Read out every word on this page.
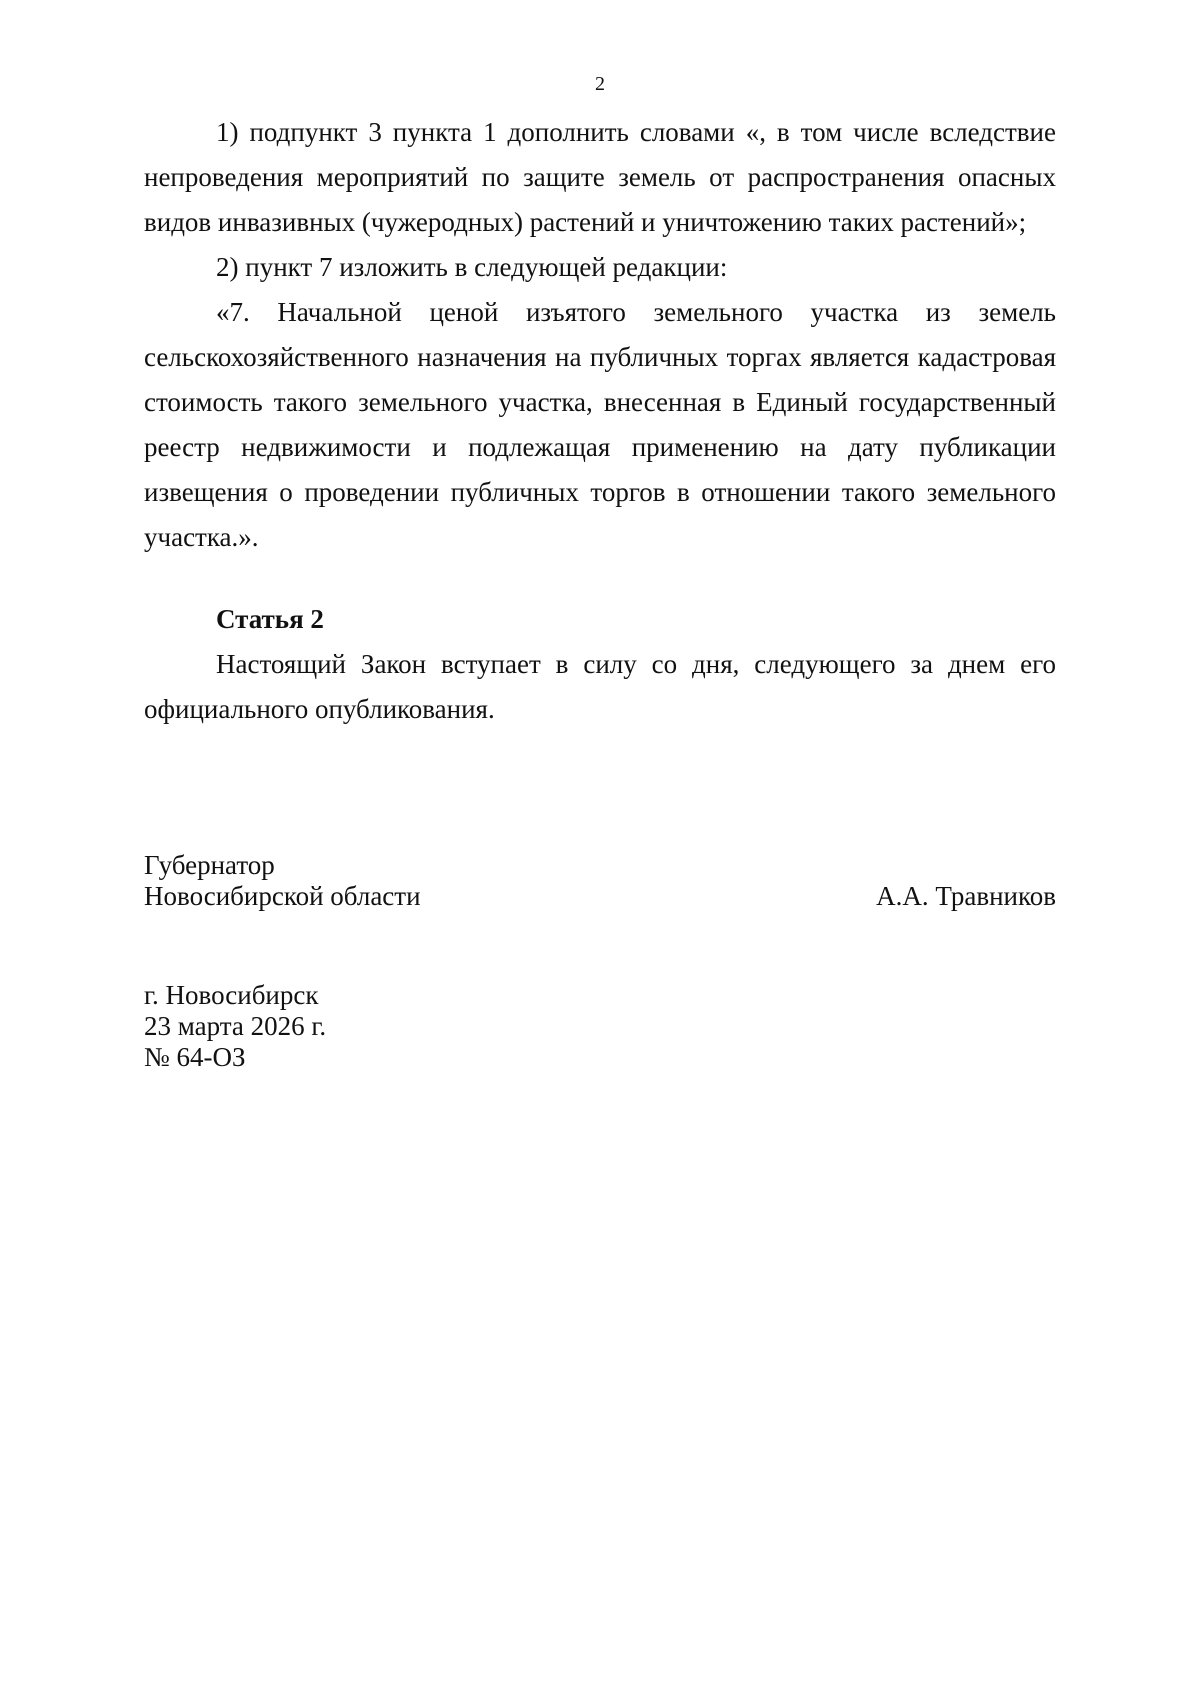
2

1) подпункт 3 пункта 1 дополнить словами «, в том числе вследствие непроведения мероприятий по защите земель от распространения опасных видов инвазивных (чужеродных) растений и уничтожению таких растений»;

2) пункт 7 изложить в следующей редакции:

«7. Начальной ценой изъятого земельного участка из земель сельскохозяйственного назначения на публичных торгах является кадастровая стоимость такого земельного участка, внесенная в Единый государственный реестр недвижимости и подлежащая применению на дату публикации извещения о проведении публичных торгов в отношении такого земельного участка.».

Статья 2

Настоящий Закон вступает в силу со дня, следующего за днем его официального опубликования.

Губернатор
Новосибирской области	А.А. Травников
г. Новосибирск
23 марта 2026 г.
№ 64-ОЗ
